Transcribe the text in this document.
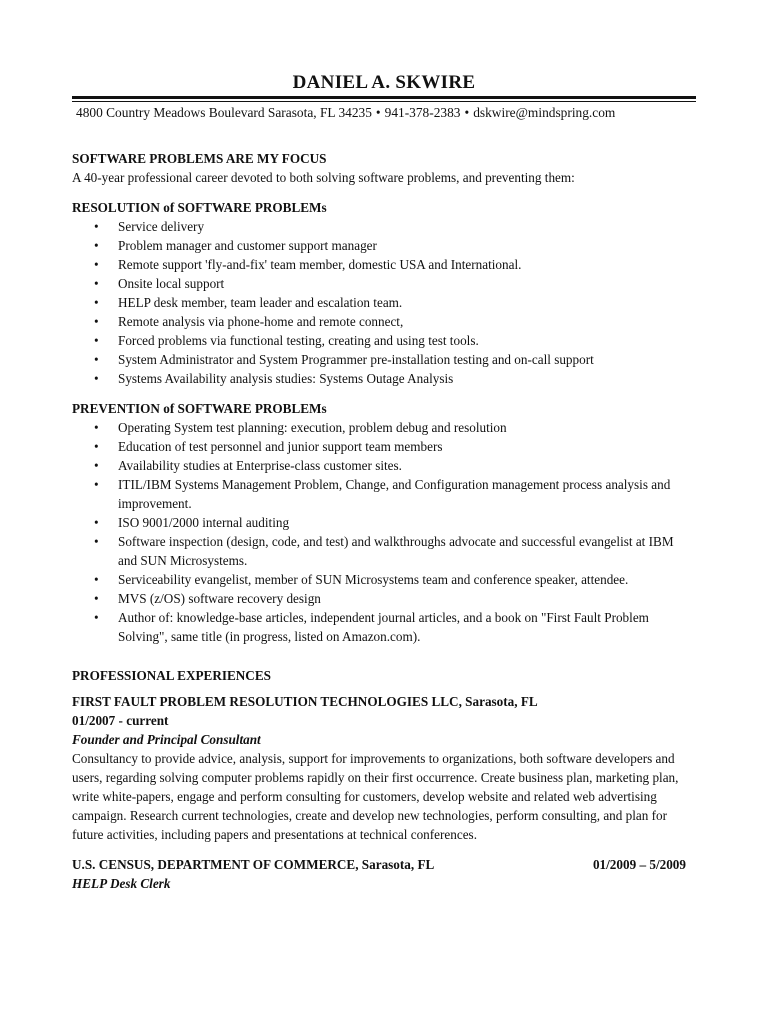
DANIEL A. SKWIRE
4800 Country Meadows Boulevard Sarasota, FL 34235 • 941-378-2383 • dskwire@mindspring.com
SOFTWARE PROBLEMS ARE MY FOCUS

A 40-year professional career devoted to both solving software problems, and preventing them:

RESOLUTION of SOFTWARE PROBLEMs
• Service delivery
• Problem manager and customer support manager
• Remote support 'fly-and-fix' team member, domestic USA and International.
• Onsite local support
• HELP desk member, team leader and escalation team.
• Remote analysis via phone-home and remote connect,
• Forced problems via functional testing, creating and using test tools.
• System Administrator and System Programmer pre-installation testing and on-call support
• Systems Availability analysis studies: Systems Outage Analysis
PREVENTION of SOFTWARE PROBLEMs
• Operating System test planning: execution, problem debug and resolution
• Education of test personnel and junior support team members
• Availability studies at Enterprise-class customer sites.
• ITIL/IBM Systems Management Problem, Change, and Configuration management process analysis and improvement.
• ISO 9001/2000 internal auditing
• Software inspection (design, code, and test) and walkthroughs advocate and successful evangelist at IBM and SUN Microsystems.
• Serviceability evangelist, member of SUN Microsystems team and conference speaker, attendee.
• MVS (z/OS) software recovery design
• Author of: knowledge-base articles, independent journal articles, and a book on "First Fault Problem Solving", same title (in progress, listed on Amazon.com).
PROFESSIONAL EXPERIENCES
FIRST FAULT PROBLEM RESOLUTION TECHNOLOGIES LLC, Sarasota, FL
01/2007 - current
Founder and Principal Consultant

Consultancy to provide advice, analysis, support for improvements to organizations, both software developers and users, regarding solving computer problems rapidly on their first occurrence. Create business plan, marketing plan, write white-papers, engage and perform consulting for customers, develop website and related web advertising campaign. Research current technologies, create and develop new technologies, perform consulting, and plan for future activities, including papers and presentations at technical conferences.

U.S. CENSUS, DEPARTMENT OF COMMERCE, Sarasota, FL	01/2009 – 5/2009
HELP Desk Clerk
